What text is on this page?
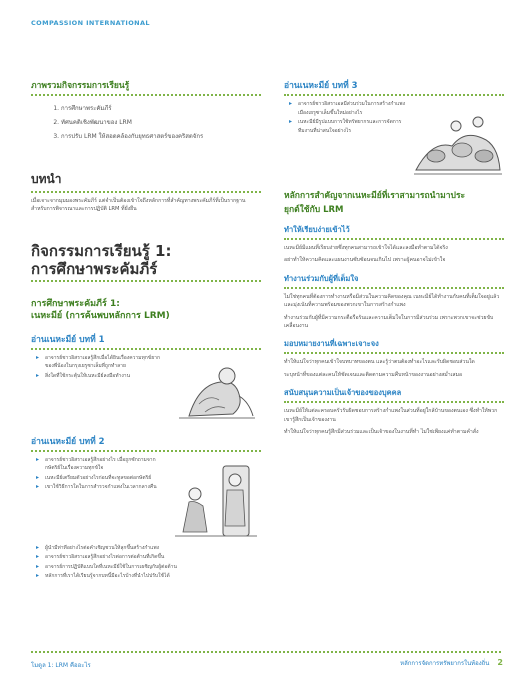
COMPASSION INTERNATIONAL
ภาพรวมกิจกรรมการเรียนรู้
1. การศึกษาพระคัมภีร์
2. ทัศนคติเชิงพัฒนาของ LRM
3. การปรับ LRM ให้สอดคล้องกับยุทธศาสตร์ของคริสตจักร
บทนำ

เมื่อเจาะจากมุมมองพระคัมภีร์ แต่จำเป็นต้องเข้าใจถึงหลักการที่สำคัญทางพระคัมภีร์ที่เป็นรากฐานสำหรับการพิจารณาและการปฏิบัติ LRM ที่ยั่งยืน

กิจกรรมการเรียนรู้ 1:
การศึกษาพระคัมภีร์
การศึกษาพระคัมภีร์ 1:
เนหะมีย์ (การค้นพบหลักการ LRM)
อ่านเนหะมีย์ บทที่ 1
▸ อาจารย์ชาวอิสราเอลรู้สึกเมื่อได้ยินเรื่องความทุกข์ยากของพี่น้องในกรุงเยรูซาเล็มที่ถูกทำลาย
▸ สิ่งใดที่ใช้กระตุ้นให้เนหะมีย์ลงมือทำงาน
อ่านเนหะมีย์ บทที่ 2
▸ อาจารย์ชาวอิสราเอลรู้สึกอย่างไร เมื่อถูกซักถามจากกษัตริย์ในเรื่องความทุกข์ใจ
▸ เนหะมีย์เตรียมตัวอย่างไรก่อนที่จะทูลขอต่อกษัตริย์
▸ เขาใช้วิธีการใดในการสำรวจกำแพงในเวลากลางคืน
▸ ผู้นำมีท่าทีอย่างไรต่อคำเชิญชวนให้ลุกขึ้นสร้างกำแพง
▸ อาจารย์ชาวอิสราเอลรู้สึกอย่างไรต่อการต่อต้านที่เกิดขึ้น
▸ อาจารย์การปฏิบัติแบบใดที่เนหะมีย์ใช้ในการเผชิญกับผู้ต่อต้าน
▸ หลักการที่เราได้เรียนรู้จากบทนี้มีอะไรบ้างที่นำไปปรับใช้ได้
อ่านเนหะมีย์ บทที่ 3
▸ อาจารย์ชาวอิสราเอลมีส่วนร่วมในการสร้างกำแพงเมืองเยรูซาเล็มขึ้นใหม่อย่างไร
▸ เนหะมีย์มีรูปแบบการใช้ทรัพยากรและการจัดการทีมงานที่น่าสนใจอย่างไร
หลักการสำคัญจากเนหะมีย์ที่เราสามารถนำมาประ
ยุกต์ใช้กับ LRM
ทำให้เรียบง่ายเข้าไว้

เนหะมีย์มีแผนที่เรียบง่ายซึ่งทุกคนสามารถเข้าใจได้และลงมือทำตามได้จริง

อย่าทำให้ความคิดและแผนงานซับซ้อนจนเกินไป เพราะผู้คนอาจไม่เข้าใจ

ทำงานร่วมกับผู้ที่เต็มใจ

ไม่ใช่ทุกคนที่ต้องการทำงานหรือมีส่วนในความคิดของคุณ เนหะมีย์ได้ทำงานกับคนที่เต็มใจอยู่แล้ว และมุ่งเน้นที่ความพร้อมของพวกเขาในการสร้างกำแพง

ทำงานร่วมกับผู้ที่มีความกระตือรือร้นและความเต็มใจในการมีส่วนร่วม เพราะพวกเขาจะช่วยขับเคลื่อนงาน

มอบหมายงานที่เฉพาะเจาะจง

ทำให้แน่ใจว่าทุกคนเข้าใจบทบาทของตน และรู้ว่าตนต้องทำอะไรและรับผิดชอบส่วนใด

ระบุหน้าที่ของแต่ละคนให้ชัดเจนและติดตามความคืบหน้าของงานอย่างสม่ำเสมอ

สนับสนุนความเป็นเจ้าของของบุคคล

เนหะมีย์ให้แต่ละครอบครัวรับผิดชอบการสร้างกำแพงในส่วนที่อยู่ใกล้บ้านของตนเอง ซึ่งทำให้พวกเขารู้สึกเป็นเจ้าของงาน

ทำให้แน่ใจว่าทุกคนรู้สึกมีส่วนร่วมและเป็นเจ้าของในงานที่ทำ ไม่ใช่เพียงแค่ทำตามคำสั่ง

โมดูล 1: LRM คืออะไร	หลักการจัดการทรัพยากรในท้องถิ่น 2
